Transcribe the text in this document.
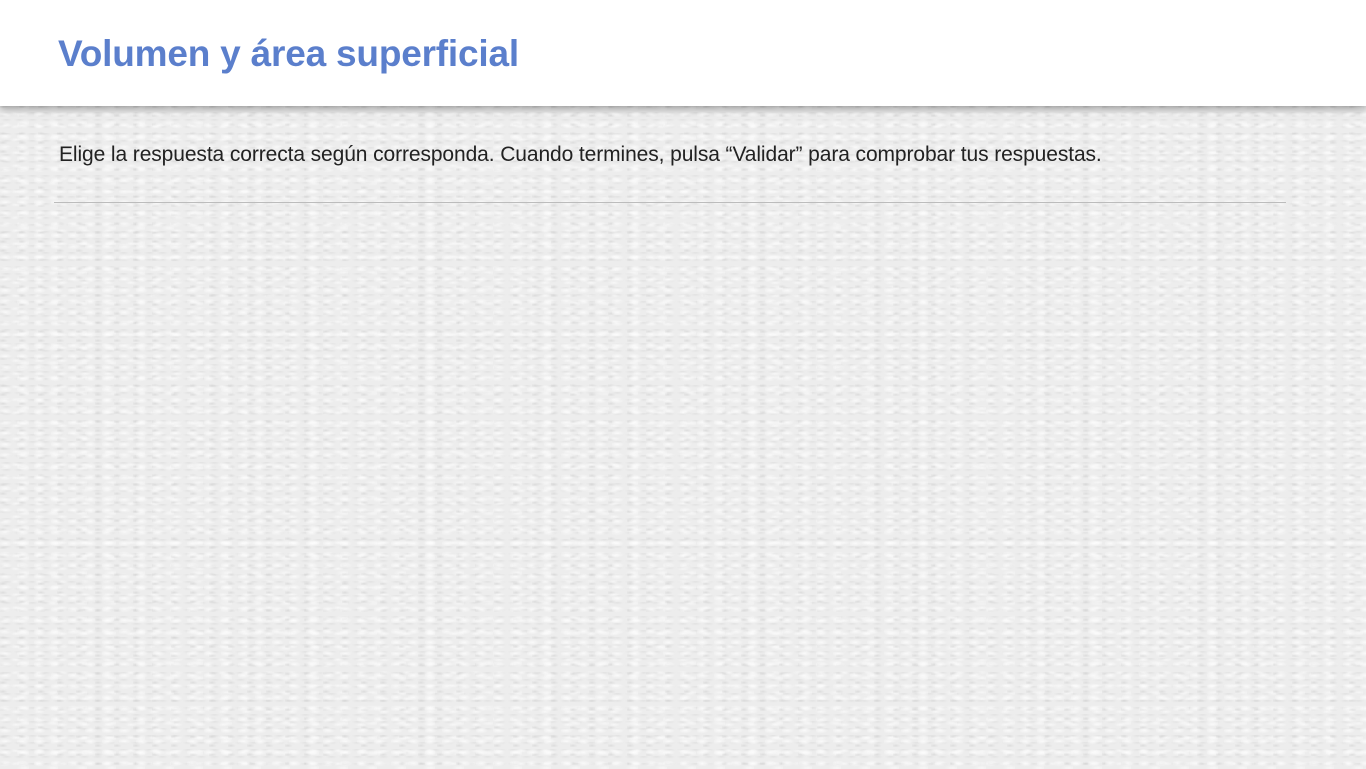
Volumen y área superficial

Elige la respuesta correcta según corresponda. Cuando termines, pulsa “Validar” para comprobar tus respuestas.
